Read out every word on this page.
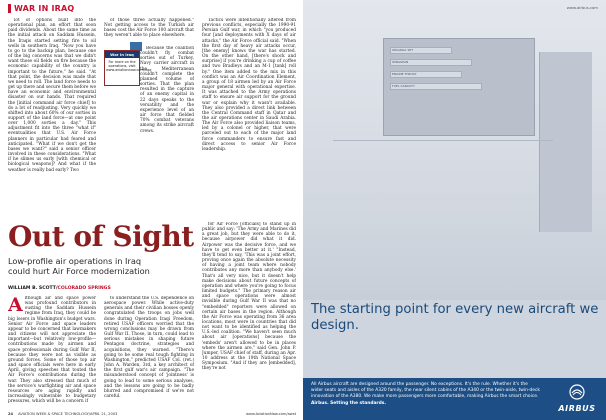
WAR IN IRAQ

lot of options built into the operational plan, an effort that soon paid dividends. About the same time as the initial attack on Saddam Hussein, the Iraqis started setting fire to oil wells in southern Iraq. "Now you have to go to the backup plan, because one of the big concerns was that we didn't want those oil fields on fire because the economic capability of the country is important to the future," he said. "At that point, the decision was made that we need to roll. The land force needs to get up there and secure them before we have an economic and environmental disaster on our hands. That required the [initial command air force chief] to do a lot of readjusting. Very quickly we shifted into about 60% of our sorties in support of the land force—at one point over 1,000 sorties a day." This adjustment fit into the three "what if" eventualities that U.S. Air Force planners in particular had feared and anticipated. "What if we don't get the bases we want?" said a senior officer involved in these considerations. "What if he slimes us early [with chemical or biological weapons]? And what if the weather is really bad early? Two

of those three actually happened." Not getting access to the Turkish air bases cost the Air Force 100 aircraft that they weren't able to place elsewhere.

War in Iraq
For more on the operations, visit www.aviationnow.com/iraq

Because the coalition couldn't fly combat sorties out of Turkey, Navy carrier aircraft in the Mediterranean couldn't complete the planned volume of sorties. That the plan resulted in the capture of an enemy capital in 22 days speaks to the versatility and the experience level of an air force that fielded 70% combat veterans among its strike aircraft crews.

Tactics were intentionally altered from previous conflicts, especially the 1990-91 Persian Gulf war, in which "you produced four [and deployments with X days of air attacks," the Air Force official said. "When the first day of heavy air attacks occur, [the enemy] knows the war has started. On the other hand, [there's shock and surprise] if you're drinking a cup of coffee and two Bradleys and an M-1 [tank] roll by." One item added to the mix in this conflict was an Air Coordination Element, a group of 18 airmen led by an Air Force major general with operational expertise. It was attached to the Army operations staff to ensure air support for the ground war or explain why it wasn't available. They also provided a direct link between the Central Command staff in Qatar and the air operations center in Saudi Arabia. The Air Force also provided liaison teams, led by a colonel or higher, that were parceled out to each of the major land force commanders to ensure fast and direct access to senior Air Force leadership.

Out of Sight
Low-profile air operations in Iraq could hurt Air Force modernization
WILLIAM B. SCOTT/COLORADO SPRINGS
A lthough air and space power was profound contributors in ousting the Saddam Hussein regime from Iraq, they could be big losers in Washington's budget wars. Senior Air Force and space leaders appear to be concerned that lawmakers and citizens will not appreciate the important—but relatively low-profile—contributions made by airmen and space professionals during Gulf War II, because they were not as visible as ground forces. Some of those top air and space officials were here in early April, giving speeches that touted the Air Force's contributions during the war. They also stressed that much of the service's warfighting air and space resources are aging rapidly and increasingly vulnerable to budgetary pressures, which will be a concern if

to understand the U.S. dependence on aerospace power. While active-duty generals and their civilian bosses openly congratulated the troops on jobs well done during Operation Iraqi Freedom, retired USAF officers worried that the wrong conclusions may be drawn from Gulf War II. Those, in turn, could lead to serious mistakes in shaping future Pentagon doctrine, strategies and acquisitions, they warned. "There's going to be some real tough fighting in Washington," predicted USAF Col. (ret.) John A. Warden, 3rd, a key architect of the first gulf war's air campaign. "The misunderstood concept of 'jointness' is going to lead to some serious analyses, and the lessons are going to be badly blurred and compromised if we're not careful.

for Air Force [officials] to stand up in public and say: 'The Army and Marines did a great job, but they were able to do it, because airpower did what it did. Airpower was the decisive force, and we have to get even better at it.' "Instead, they'll tend to say, 'This was a joint effort, proving once again the absolute necessity of having a joint team where nobody contributes any more than anybody else.' That's all very nice, but it doesn't help make decisions about future concepts of operation and where you're going to focus limited budgets." The primary reason air and space operations were almost invisible during Gulf War II was that no "embedded" reporters were allowed on certain air bases in the region. Although the Air Force was operating from 36 area locations, most were in countries that did not want to be identified as helping the U.S.-led coalition. "We haven't seen much about air [operations] because the 'embeds' aren't allowed to be in places where the airmen are," said Gen. John P. Jumper, USAF chief of staff, during an Apr. 10 address at the 19th National Space Symposium. "And if they are [embedded], they're not

24 AVIATION WEEK & SPACE TECHNOLOGY/APRIL 21, 2003	www.AviationNow.com/awst
www.airbus.com
ORIGINAL SET
WINGSPAN
ENGINE THRUST
FUEL CAPACITY
The starting point for every new aircraft we design.
All Airbus aircraft are designed around the passenger. No exceptions. It's the rule. Whether it's the wider seats and aisles of the A320 family, the near silent cabins of the A340 or the twin-aisle, twin-deck innovation of the A380. We make more passengers more comfortable, making Airbus the smart choice. Airbus. Setting the standards.
AIRBUS
